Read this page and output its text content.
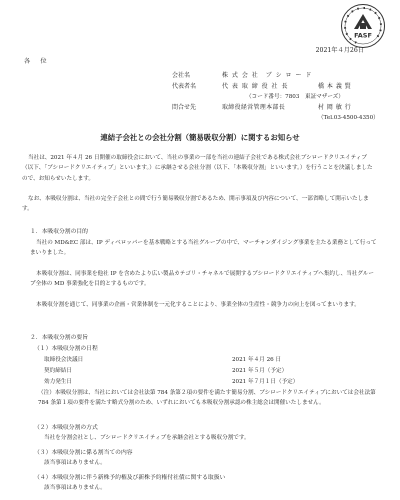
FASF
2021年４月26日
各　位
会社名	株 式 会 社　ブ シ ロ ー ド
代表者名	代 表 取 締 役 社 長	橋 本 義 賢
（コード番号：7803　東証マザーズ）
問合せ先	取締役経営管理本部長	村 岡 敏 行
（Tel.03-4500-4350）
連結子会社との会社分割（簡易吸収分割）に関するお知らせ
当社は、2021 年４月 26 日開催の取締役会において、当社の事業の一部を当社の連結子会社である株式会社ブシロードクリエイティブ（以下、「ブシロードクリエイティブ」といいます。）に承継させる会社分割（以下、「本吸収分割」といいます。）を行うことを決議しましたので、お知らせいたします。
なお、本吸収分割は、当社の完全子会社との間で行う簡易吸収分割であるため、開示事項及び内容について、一部省略して開示いたします。
１．本吸収分割の目的
当社の MD&EC 部は、IP ディベロッパーを基本戦略とする当社グループの中で、マーチャンダイジング事業を主たる業務として行ってまいりました。
本吸収分割は、同事業を他社 IP を含めたより広い製品カテゴリ・チャネルで展開するブシロードクリエイティブへ集約し、当社グループ全体の MD 事業強化を目的とするものです。
本吸収分割を通じて、同事業の企画・営業体制を一元化することにより、事業全体の生産性・競争力の向上を図ってまいります。
２．本吸収分割の要旨
（１）本吸収分割の日程
取締役会決議日	2021 年４月 26 日
契約締結日	2021 年５月（予定）
効力発生日	2021 年７月１日（予定）
（注）本吸収分割は、当社においては会社法第 784 条第２項の要件を満たす簡易分割、ブシロードクリエイティブにおいては会社法第 784 条第１項の要件を満たす略式分割のため、いずれにおいても本吸収分割承認の株主総会は開催いたしません。
（２）本吸収分割の方式
当社を分割会社とし、ブシロードクリエイティブを承継会社とする吸収分割です。
（３）本吸収分割に係る割当ての内容
該当事項はありません。
（４）本吸収分割に伴う新株予約権及び新株予約権付社債に関する取扱い
該当事項はありません。
